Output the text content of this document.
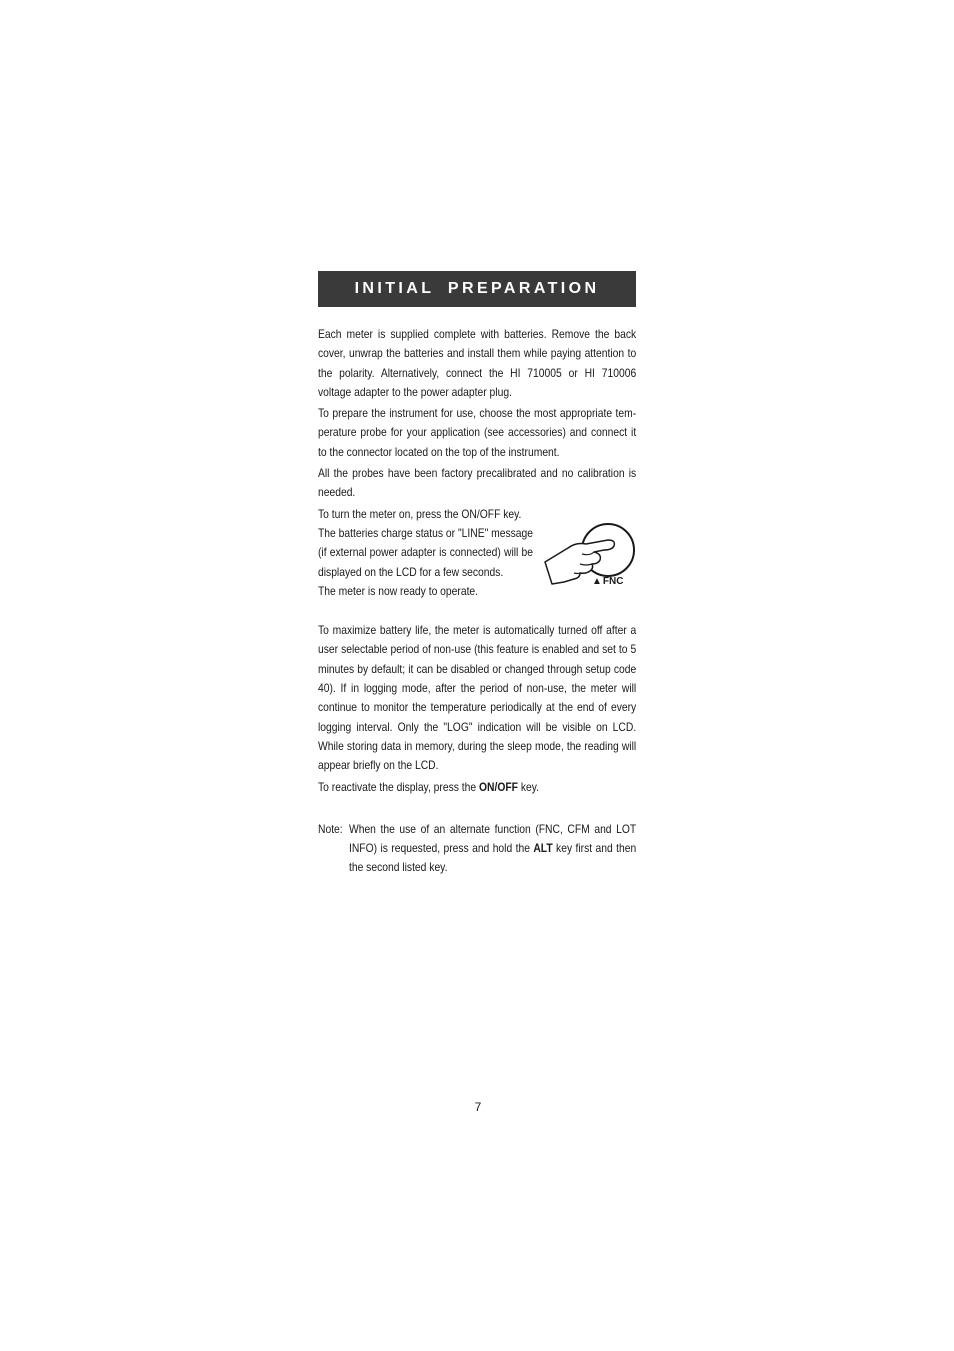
INITIAL PREPARATION

Each meter is supplied complete with batteries. Remove the back cover, unwrap the batteries and install them while paying attention to the polarity. Alternatively, connect the HI 710005 or HI 710006 voltage adapter to the power adapter plug.

To prepare the instrument for use, choose the most appropriate tem-perature probe for your application (see accessories) and connect it to the connector located on the top of the instrument.

All the probes have been factory precalibrated and no calibration is needed.

To turn the meter on, press the ON/OFF key.

The batteries charge status or "LINE" message (if external power adapter is connected) will be displayed on the LCD for a few seconds.

The meter is now ready to operate.

To maximize battery life, the meter is automatically turned off after a user selectable period of non-use (this feature is enabled and set to 5 minutes by default; it can be disabled or changed through setup code 40). If in logging mode, after the period of non-use, the meter will continue to monitor the temperature periodically at the end of every logging interval. Only the "LOG" indication will be visible on LCD. While storing data in memory, during the sleep mode, the reading will appear briefly on the LCD.

To reactivate the display, press the ON/OFF key.

Note: When the use of an alternate function (FNC, CFM and LOT INFO) is requested, press and hold the ALT key first and then the second listed key.
▲ FNC
7
